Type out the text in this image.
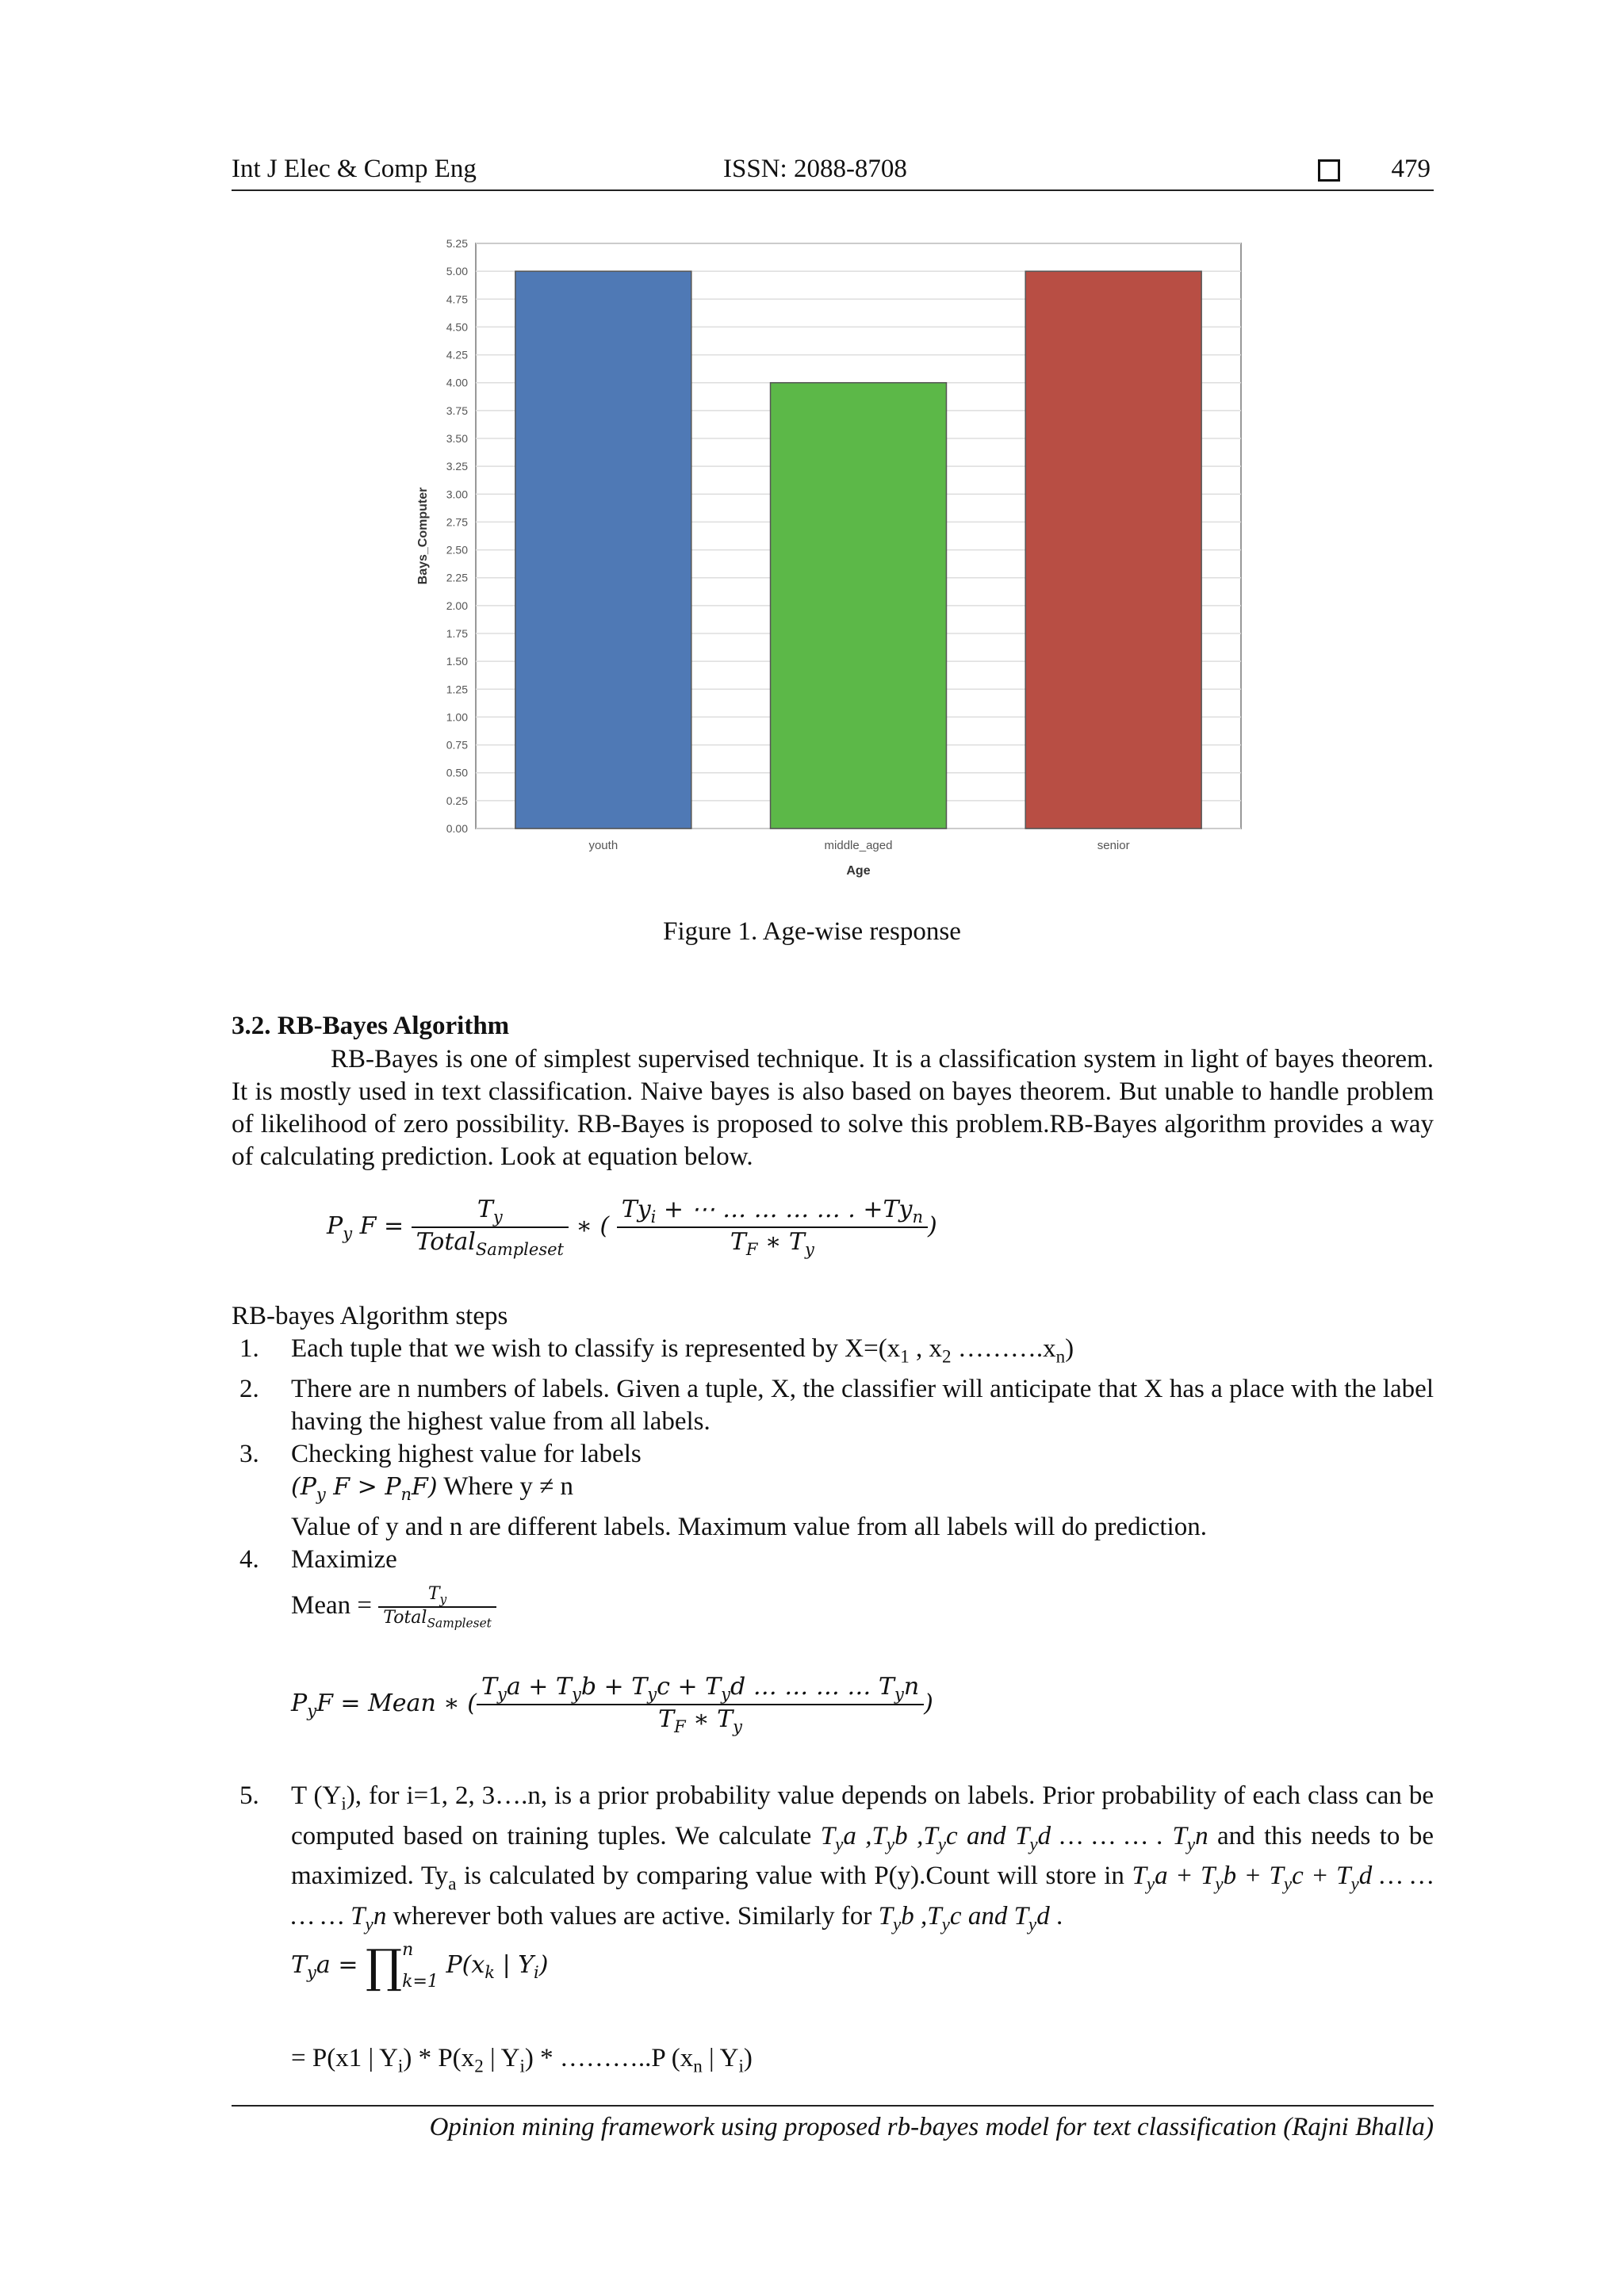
Int J Elec & Comp Eng	ISSN: 2088-8708	479
0.00
0.25
0.50
0.75
1.00
1.25
1.50
1.75
2.00
2.25
2.50
2.75
3.00
3.25
3.50
3.75
4.00
4.25
4.50
4.75
5.00
5.25
youth	middle_aged	senior
Age
Bays_Computer
Figure 1. Age-wise response
3.2. RB-Bayes Algorithm
RB-Bayes is one of simplest supervised technique. It is a classification system in light of bayes theorem. It is mostly used in text classification. Naive bayes is also based on bayes theorem. But unable to handle problem of likelihood of zero possibility. RB-Bayes is proposed to solve this problem.RB-Bayes algorithm provides a way of calculating prediction. Look at equation below.
$P_y$ $F = \frac{T_y}{Total_{Sampleset}}$ ∗ ( $\frac{Ty_i + \cdots \dots \dots \dots \dots . +Ty_n}{T_F ∗ T_y}$ )
RB-bayes Algorithm steps
1. Each tuple that we wish to classify is represented by $X=(x_1$ , $x_2$ $\dots\dots\dots.x_n$)
2. There are n numbers of labels. Given a tuple, X, the classifier will anticipate that X has a place with the label having the highest value from all labels.
3. Checking highest value for labels
($P_y$ $F > P_nF$) Where y ≠ n
Value of y and n are different labels. Maximum value from all labels will do prediction.
4. Maximize
Mean = $\frac{T_y}{Total_{Sampleset}}$
$P_yF$ = Mean ∗ ( $\frac{T_ya + T_yb + T_yc + T_yd \dots \dots \dots \dots T_yn}{T_F ∗ T_y}$ )
5. T $(Y_i)$, for i=1, 2, 3….n, is a prior probability value depends on labels. Prior probability of each class can be computed based on training tuples. We calculate $T_ya$ $,T_yb$ $,T_yc$ and $T_yd$ … … … . $T_yn$ and this needs to be maximized. $Ty_a$ is calculated by comparing value with P(y).Count will store in $T_ya + T_yb + T_yc + T_yd$ … … … … $T_yn$ wherever both values are active. Similarly for $T_yb$ $,T_yc$ and $T_yd$ .
$T_ya$ = ∏ n
k=1
$P(x_k$ | $Y_i$)
= P(x1 | $Y_i) * P(x_2$ | $Y_i$) * ………..P ($x_n$ | $Y_i$)
Opinion mining framework using proposed rb-bayes model for text classification (Rajni Bhalla)
